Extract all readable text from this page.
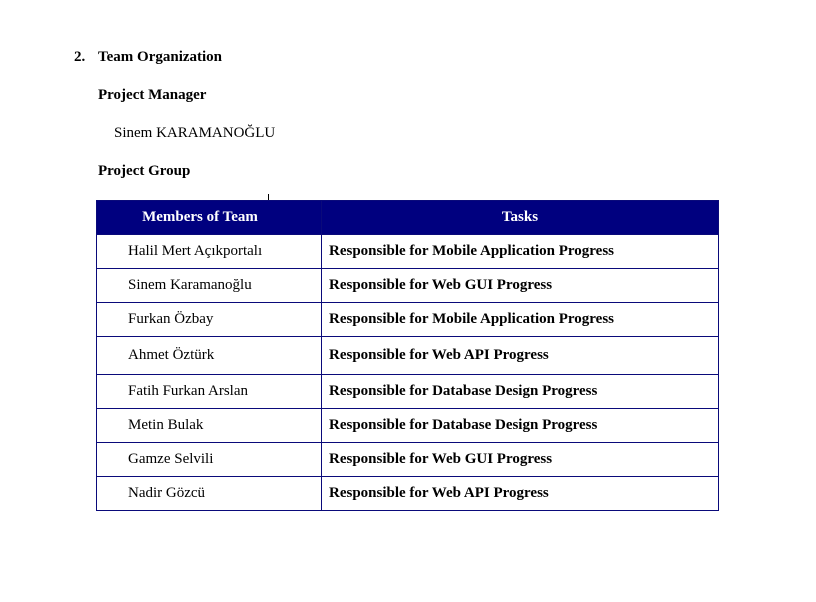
2. Team Organization
Project Manager
Sinem KARAMANOĞLU
Project Group
Members of Team	Tasks
Halil Mert Açıkportalı	Responsible for Mobile Application Progress
Sinem Karamanoğlu	Responsible for Web GUI Progress
Furkan Özbay	Responsible for Mobile Application Progress
Ahmet Öztürk	Responsible for Web API Progress
Fatih Furkan Arslan	Responsible for Database Design Progress
Metin Bulak	Responsible for Database Design Progress
Gamze Selvili	Responsible for Web GUI Progress
Nadir Gözcü	Responsible for Web API Progress
